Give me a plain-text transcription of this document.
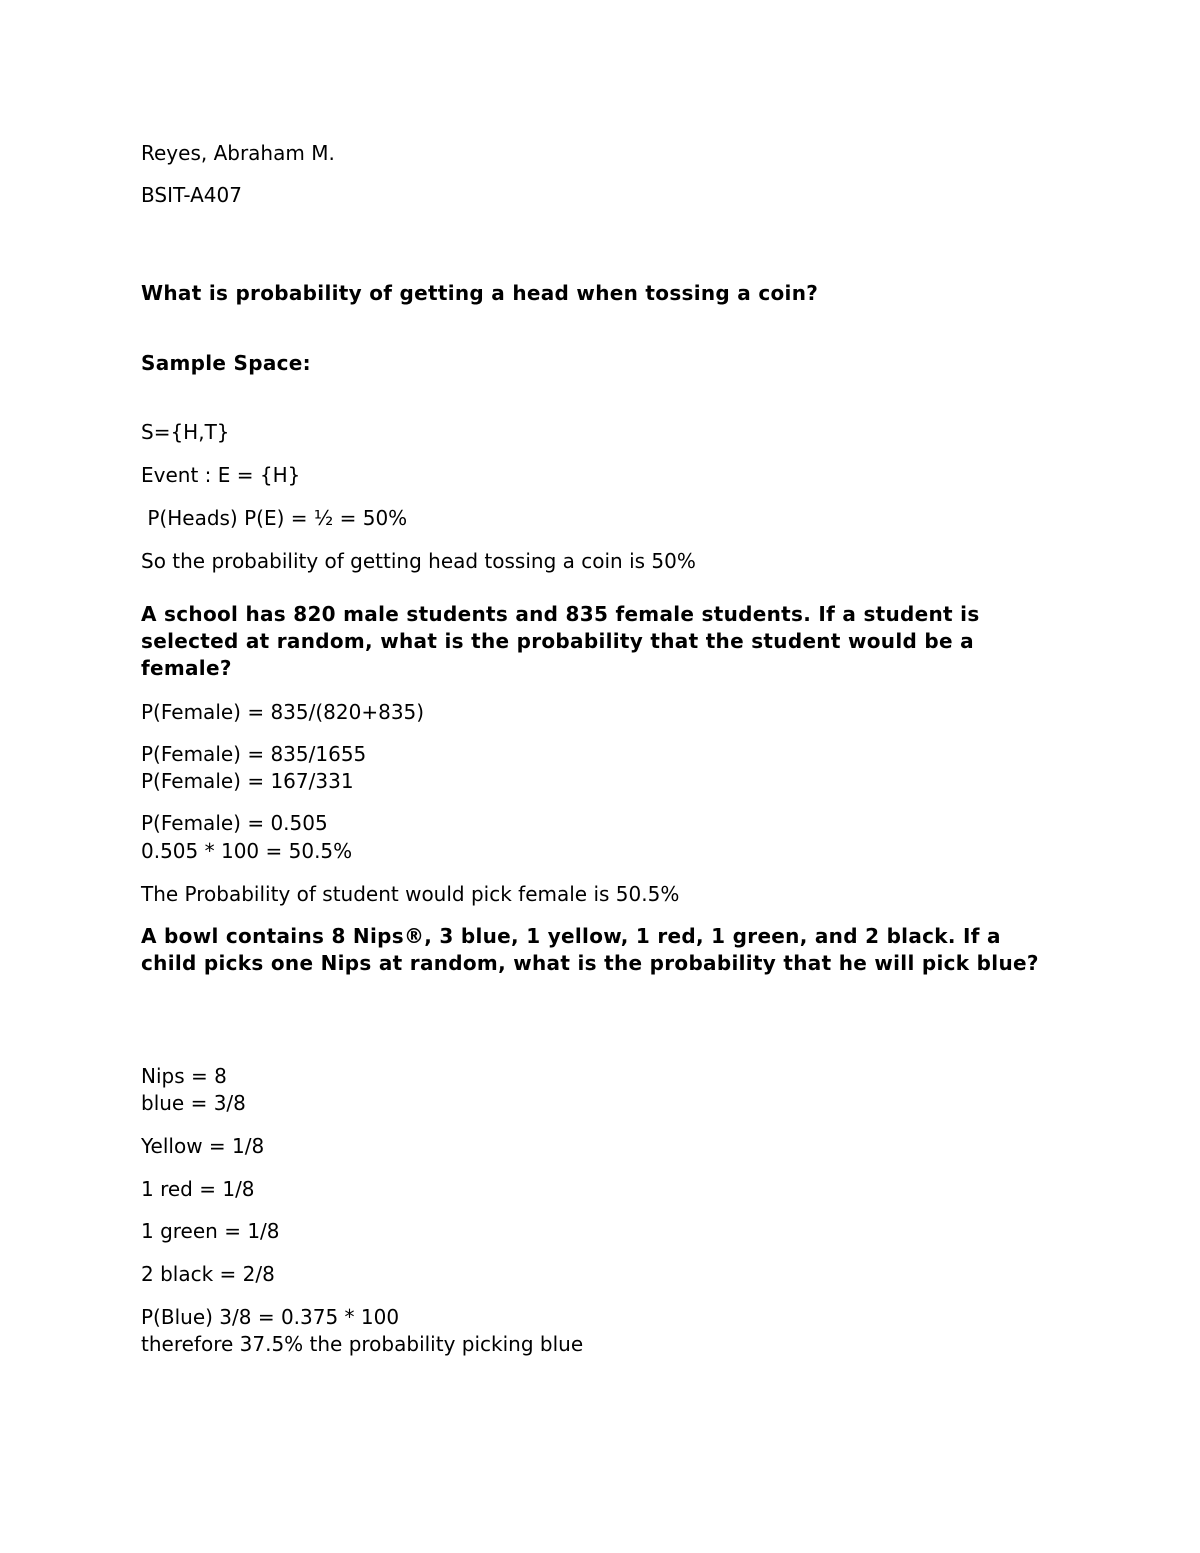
Reyes, Abraham M.

BSIT-A407

What is probability of getting a head when tossing a coin?

Sample Space:

S={H,T}

Event : E = {H}

P(Heads) P(E) = ½ = 50%

So the probability of getting head tossing a coin is 50%

A school has 820 male students and 835 female students. If a student is selected at random, what is the probability that the student would be a female?

P(Female) = 835/(820+835)

P(Female) = 835/1655

P(Female) = 167/331

P(Female) = 0.505

0.505 * 100 = 50.5%

The Probability of student would pick female is 50.5%

A bowl contains 8 Nips®, 3 blue, 1 yellow, 1 red, 1 green, and 2 black. If a child picks one Nips at random, what is the probability that he will pick blue?

Nips = 8

blue = 3/8

Yellow = 1/8

1 red = 1/8

1 green = 1/8

2 black = 2/8

P(Blue) 3/8 = 0.375 * 100

therefore 37.5% the probability picking blue
